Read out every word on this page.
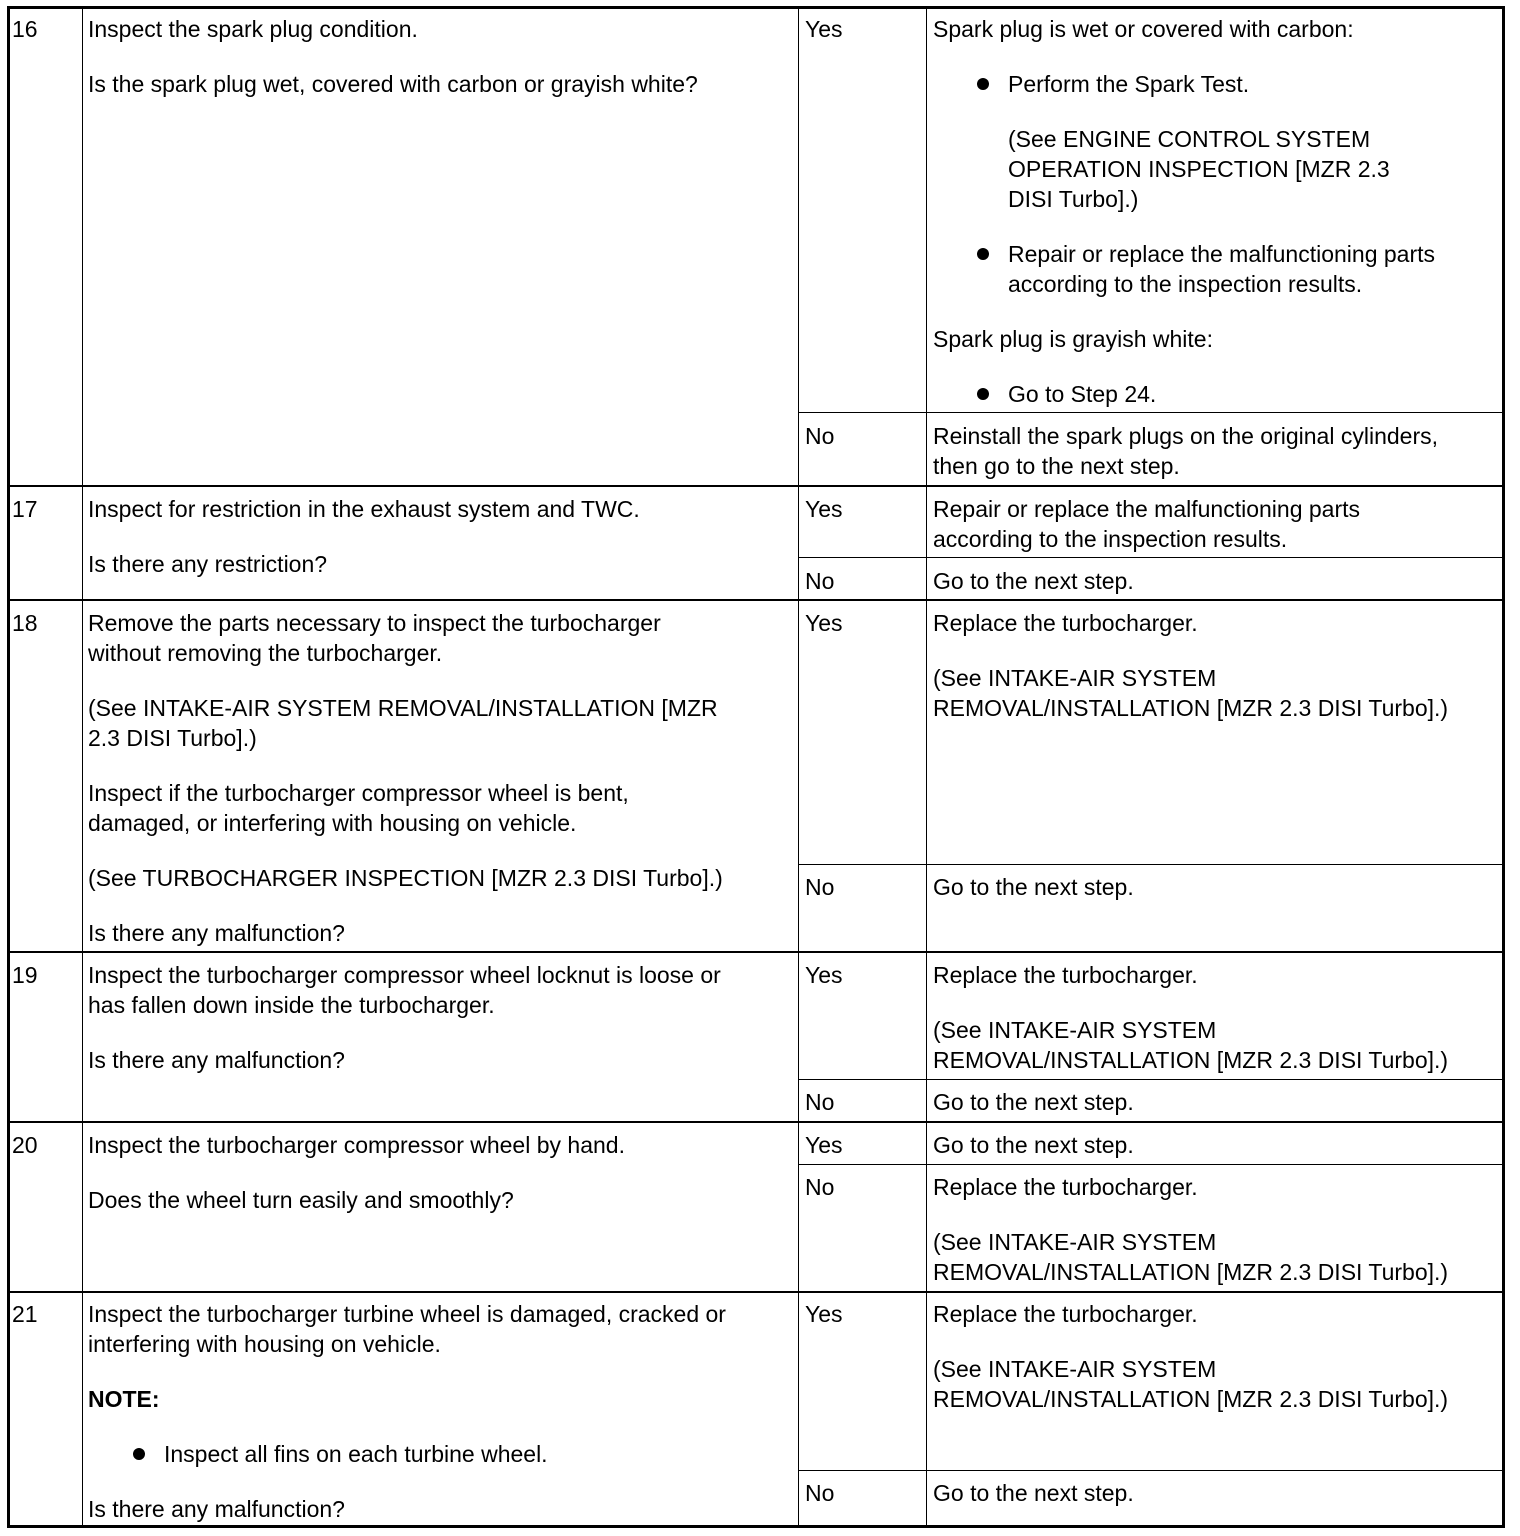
16 Inspect the spark plug condition.
Is the spark plug wet, covered with carbon or grayish white?
Yes	Spark plug is wet or covered with carbon:
Perform the Spark Test.
(See ENGINE CONTROL SYSTEM
OPERATION INSPECTION [MZR 2.3
DISI Turbo].)
Repair or replace the malfunctioning parts
according to the inspection results.
Spark plug is grayish white:
Go to Step 24.
No	Reinstall the spark plugs on the original cylinders,
then go to the next step.
17 Inspect for restriction in the exhaust system and TWC.
Is there any restriction?
Yes	Repair or replace the malfunctioning parts
according to the inspection results.
No	Go to the next step.
18 Remove the parts necessary to inspect the turbocharger
without removing the turbocharger.
(See INTAKE-AIR SYSTEM REMOVAL/INSTALLATION [MZR
2.3 DISI Turbo].)
Inspect if the turbocharger compressor wheel is bent,
damaged, or interfering with housing on vehicle.
(See TURBOCHARGER INSPECTION [MZR 2.3 DISI Turbo].)
Is there any malfunction?
Yes	Replace the turbocharger.
(See INTAKE-AIR SYSTEM
REMOVAL/INSTALLATION [MZR 2.3 DISI Turbo].)
No	Go to the next step.
19 Inspect the turbocharger compressor wheel locknut is loose or
has fallen down inside the turbocharger.
Is there any malfunction?
Yes	Replace the turbocharger.
(See INTAKE-AIR SYSTEM
REMOVAL/INSTALLATION [MZR 2.3 DISI Turbo].)
No	Go to the next step.
20 Inspect the turbocharger compressor wheel by hand.
Does the wheel turn easily and smoothly?
Yes	Go to the next step.
No	Replace the turbocharger.
(See INTAKE-AIR SYSTEM
REMOVAL/INSTALLATION [MZR 2.3 DISI Turbo].)
21 Inspect the turbocharger turbine wheel is damaged, cracked or
interfering with housing on vehicle.
NOTE:
Inspect all fins on each turbine wheel.
Is there any malfunction?
Yes	Replace the turbocharger.
(See INTAKE-AIR SYSTEM
REMOVAL/INSTALLATION [MZR 2.3 DISI Turbo].)
No	Go to the next step.
